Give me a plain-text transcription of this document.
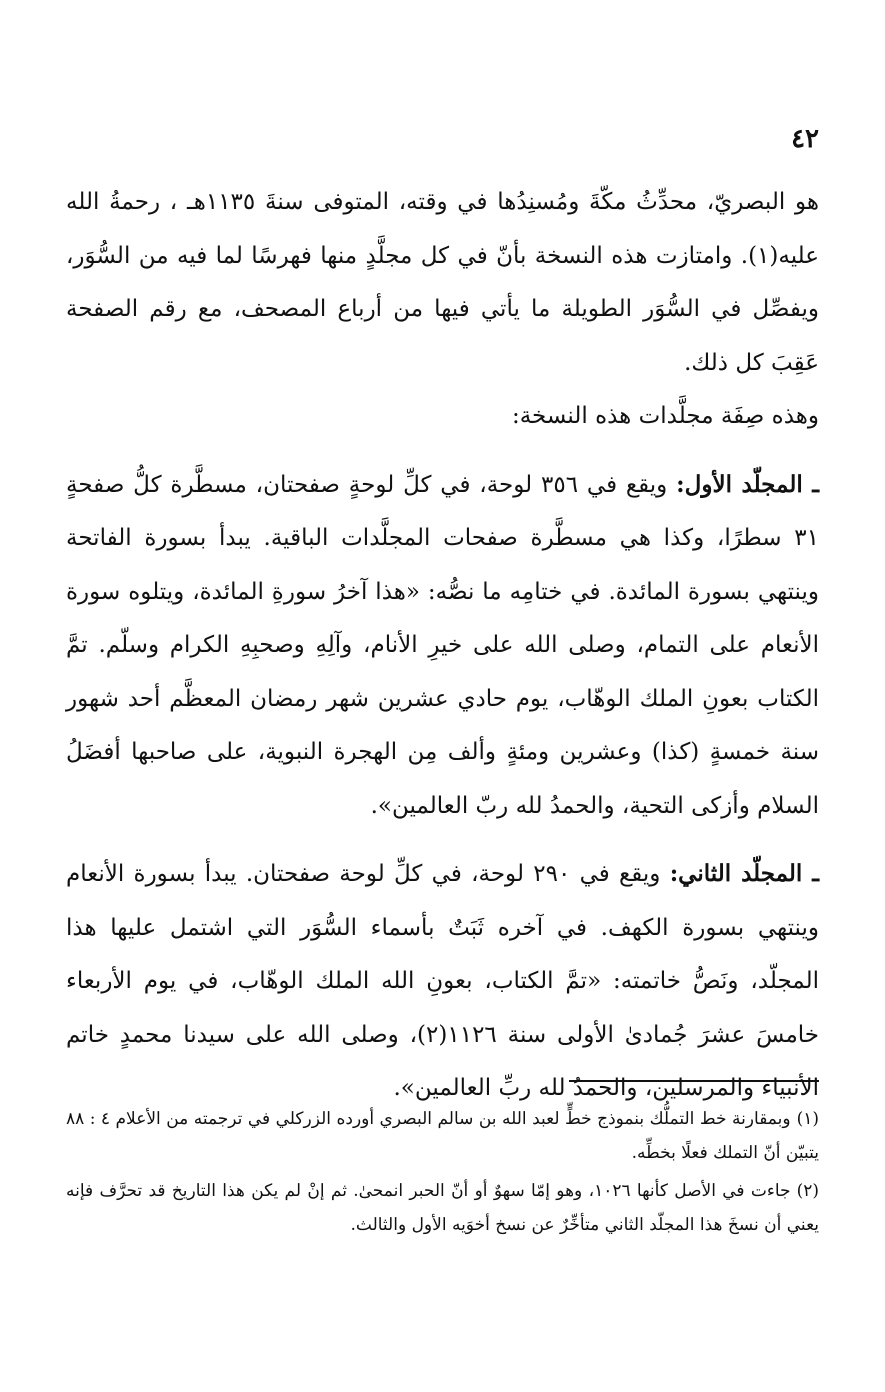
٤٢

هو البصريّ، محدِّثُ مكّةَ ومُسنِدُها في وقته، المتوفى سنةَ ١١٣٥هـ ، رحمةُ الله عليه(١). وامتازت هذه النسخة بأنّ في كل مجلَّدٍ منها فهرسًا لما فيه من السُّوَر، ويفصِّل في السُّوَر الطويلة ما يأتي فيها من أرباع المصحف، مع رقم الصفحة عَقِبَ كل ذلك.

وهذه صِفَة مجلَّدات هذه النسخة:

ـ المجلّد الأول: ويقع في ٣٥٦ لوحة، في كلِّ لوحةٍ صفحتان، مسطَّرة كلُّ صفحةٍ ٣١ سطرًا، وكذا هي مسطَّرة صفحات المجلَّدات الباقية. يبدأ بسورة الفاتحة وينتهي بسورة المائدة. في ختامِه ما نصُّه: «هذا آخرُ سورةِ المائدة، ويتلوه سورة الأنعام على التمام، وصلى الله على خيرِ الأنام، وآلِهِ وصحبِهِ الكرام وسلّم. تمَّ الكتاب بعونِ الملك الوهّاب، يوم حادي عشرين شهر رمضان المعظَّم أحد شهور سنة خمسةٍ (كذا) وعشرين ومئةٍ وألف مِن الهجرة النبوية، على صاحبها أفضَلُ السلام وأزكى التحية، والحمدُ لله ربّ العالمين».

ـ المجلّد الثاني: ويقع في ٢٩٠ لوحة، في كلِّ لوحة صفحتان. يبدأ بسورة الأنعام وينتهي بسورة الكهف. في آخره ثَبَتٌ بأسماء السُّوَر التي اشتمل عليها هذا المجلّد، ونَصُّ خاتمته: «تمَّ الكتاب، بعونِ الله الملك الوهّاب، في يوم الأربعاء خامسَ عشرَ جُمادىٰ الأولى سنة ١١٢٦(٢)، وصلى الله على سيدنا محمدٍ خاتم الأنبياء والمرسلين، والحمدُ لله ربِّ العالمين».

(١)وبمقارنة خط التملُّك بنموذج خطٍّ لعبد الله بن سالم البصري أورده الزركلي في ترجمته من الأعلام ٤ : ٨٨ يتبيّن أنّ التملك فعلًا بخطِّه.

(٢)جاءت في الأصل كأنها ١٠٢٦، وهو إمّا سهوٌ أو أنّ الحبر انمحىٰ. ثم إنْ لم يكن هذا التاريخ قد تحرَّف فإنه يعني أن نسخَ هذا المجلّد الثاني متأخِّرٌ عن نسخ أخوَيه الأول والثالث.
